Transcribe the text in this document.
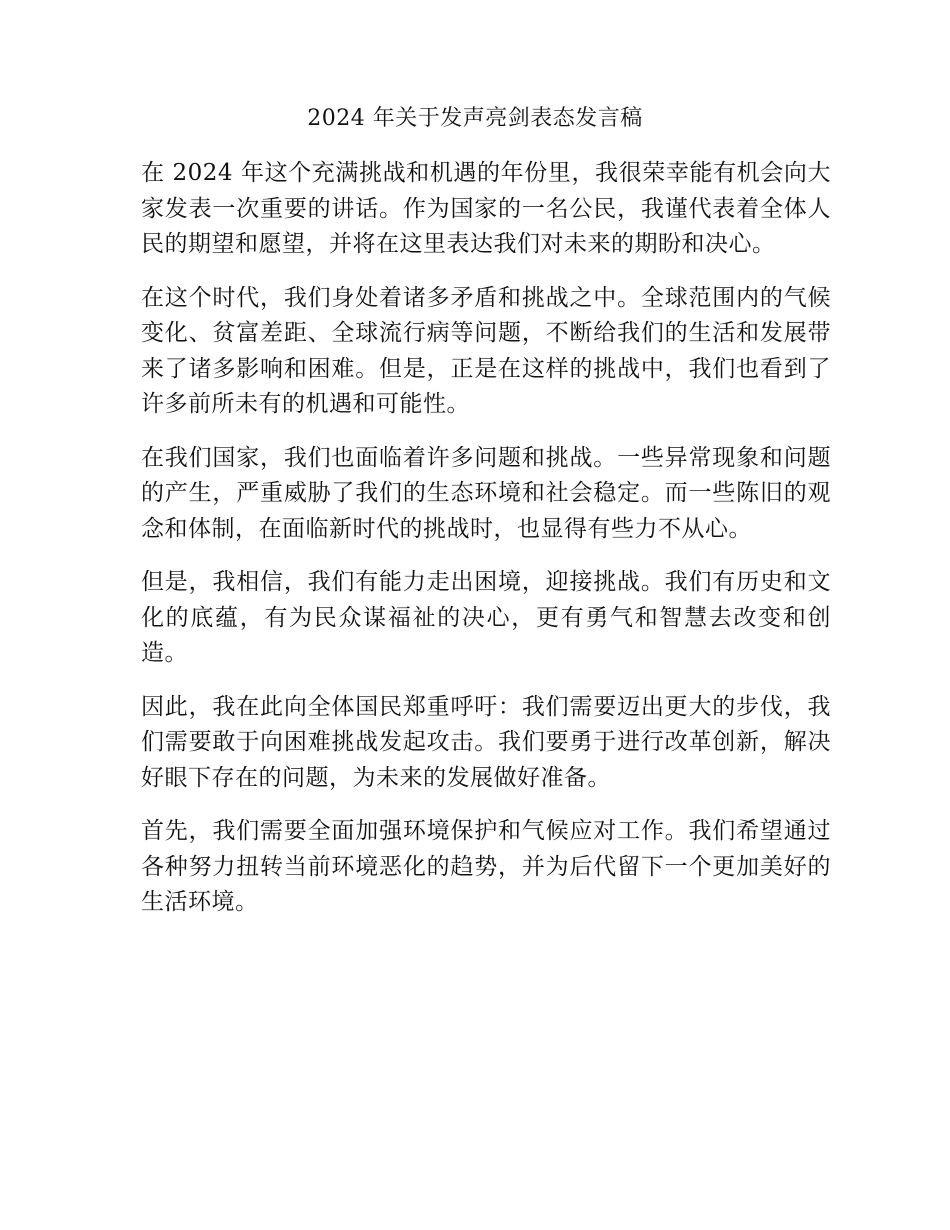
2024 年关于发声亮剑表态发言稿

在 2024 年这个充满挑战和机遇的年份里，我很荣幸能有机会向大家发表一次重要的讲话。作为国家的一名公民，我谨代表着全体人民的期望和愿望，并将在这里表达我们对未来的期盼和决心。

在这个时代，我们身处着诸多矛盾和挑战之中。全球范围内的气候变化、贫富差距、全球流行病等问题，不断给我们的生活和发展带来了诸多影响和困难。但是，正是在这样的挑战中，我们也看到了许多前所未有的机遇和可能性。

在我们国家，我们也面临着许多问题和挑战。一些异常现象和问题的产生，严重威胁了我们的生态环境和社会稳定。而一些陈旧的观念和体制，在面临新时代的挑战时，也显得有些力不从心。

但是，我相信，我们有能力走出困境，迎接挑战。我们有历史和文化的底蕴，有为民众谋福祉的决心，更有勇气和智慧去改变和创造。

因此，我在此向全体国民郑重呼吁：我们需要迈出更大的步伐，我们需要敢于向困难挑战发起攻击。我们要勇于进行改革创新，解决好眼下存在的问题，为未来的发展做好准备。

首先，我们需要全面加强环境保护和气候应对工作。我们希望通过各种努力扭转当前环境恶化的趋势，并为后代留下一个更加美好的生活环境。
